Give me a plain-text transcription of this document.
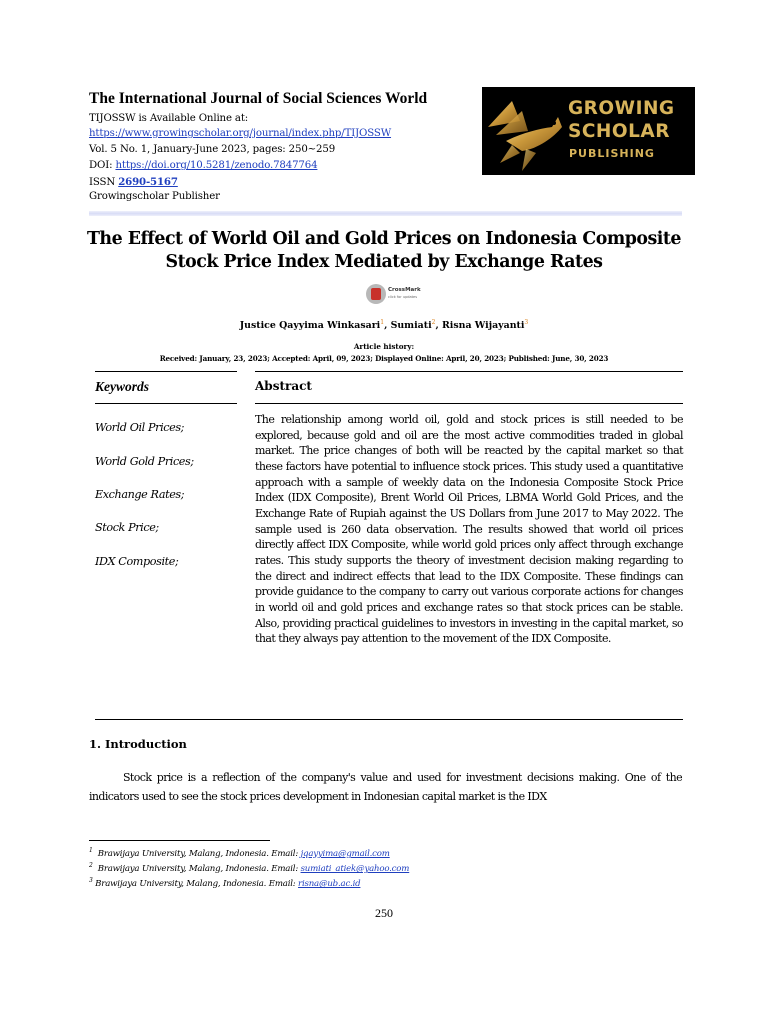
The International Journal of Social Sciences World
TIJOSSW is Available Online at:
https://www.growingscholar.org/journal/index.php/TIJOSSW
Vol. 5 No. 1, January-June 2023, pages: 250~259
DOI: https://doi.org/10.5281/zenodo.7847764
ISSN 2690-5167
Growingscholar Publisher
GROWING
SCHOLAR
PUBLISHING
The Effect of World Oil and Gold Prices on Indonesia Composite Stock Price Index Mediated by Exchange Rates
CrossMark
click for updates
Justice Qayyima Winkasari$^1$, Sumiati$^2$, Risna Wijayanti$^3$
Article history:
Received: January, 23, 2023; Accepted: April, 09, 2023; Displayed Online: April, 20, 2023; Published: June, 30, 2023
Keywords	Abstract
World Oil Prices;
World Gold Prices;
Exchange Rates;
Stock Price;
IDX Composite;
The relationship among world oil, gold and stock prices is still needed to be explored, because gold and oil are the most active commodities traded in global market. The price changes of both will be reacted by the capital market so that these factors have potential to influence stock prices. This study used a quantitative approach with a sample of weekly data on the Indonesia Composite Stock Price Index (IDX Composite), Brent World Oil Prices, LBMA World Gold Prices, and the Exchange Rate of Rupiah against the US Dollars from June 2017 to May 2022. The sample used is 260 data observation. The results showed that world oil prices directly affect IDX Composite, while world gold prices only affect through exchange rates. This study supports the theory of investment decision making regarding to the direct and indirect effects that lead to the IDX Composite. These findings can provide guidance to the company to carry out various corporate actions for changes in world oil and gold prices and exchange rates so that stock prices can be stable. Also, providing practical guidelines to investors in investing in the capital market, so that they always pay attention to the movement of the IDX Composite.
1. Introduction
Stock price is a reflection of the company's value and used for investment decisions making. One of the indicators used to see the stock prices development in Indonesian capital market is the IDX
$^1$ Brawijaya University, Malang, Indonesia. Email: jqayyima@gmail.com
$^2$ Brawijaya University, Malang, Indonesia. Email: sumiati_atiek@yahoo.com
$^3$ Brawijaya University, Malang, Indonesia. Email: risna@ub.ac.id
250
